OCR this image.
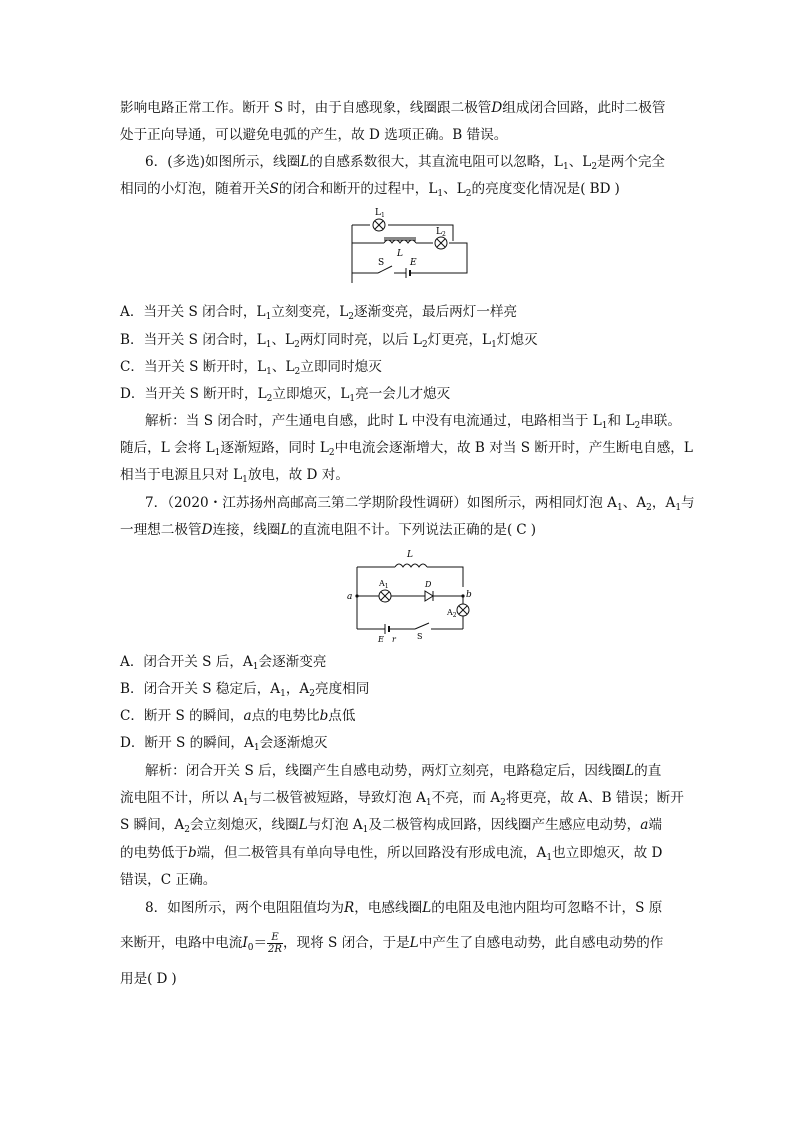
影响电路正常工作。断开 S 时，由于自感现象，线圈跟二极管D组成闭合回路，此时二极管
处于正向导通，可以避免电弧的产生，故 D 选项正确。B 错误。
6．(多选)如图所示，线圈L的自感系数很大，其直流电阻可以忽略，$L_1$、$L_2$是两个完全
相同的小灯泡，随着开关S的闭合和断开的过程中，$L_1$、$L_2$的亮度变化情况是( BD )
$L_1$
$L_2$
L
S	E
A．当开关 S 闭合时，$L_1$立刻变亮，$L_2$逐渐变亮，最后两灯一样亮
B．当开关 S 闭合时，$L_1$、$L_2$两灯同时亮，以后 $L_2$灯更亮，$L_1$灯熄灭
C．当开关 S 断开时，$L_1$、$L_2$立即同时熄灭
D．当开关 S 断开时，$L_2$立即熄灭，$L_1$亮一会儿才熄灭
解析：当 S 闭合时，产生通电自感，此时 L 中没有电流通过，电路相当于 $L_1$和 $L_2$串联。
随后，L 会将 $L_1$逐渐短路，同时 $L_2$中电流会逐渐增大，故 B 对当 S 断开时，产生断电自感，L
相当于电源且只对 $L_1$放电，故 D 对。
7．（2020・江苏扬州高邮高三第二学期阶段性调研）如图所示，两相同灯泡 $A_1$、$A_2$，$A_1$与
一理想二极管D连接，线圈L的直流电阻不计。下列说法正确的是( C )
L
$A_1$	D
a	b
$A_2$
E r	S
A．闭合开关 S 后，$A_1$会逐渐变亮
B．闭合开关 S 稳定后，$A_1$，$A_2$亮度相同
C．断开 S 的瞬间，a点的电势比b点低
D．断开 S 的瞬间，$A_1$会逐渐熄灭
解析：闭合开关 S 后，线圈产生自感电动势，两灯立刻亮，电路稳定后，因线圈L的直
流电阻不计，所以 $A_1$与二极管被短路，导致灯泡 $A_1$不亮，而 $A_2$将更亮，故 A、B 错误；断开
S 瞬间，$A_2$会立刻熄灭，线圈L与灯泡 $A_1$及二极管构成回路，因线圈产生感应电动势，a端
的电势低于b端，但二极管具有单向导电性，所以回路没有形成电流，$A_1$也立即熄灭，故 D
错误，C 正确。
8．如图所示，两个电阻阻值均为R，电感线圈L的电阻及电池内阻均可忽略不计，S 原
来断开，电路中电流$I_0= \frac{E}{2R}$ ，现将 S 闭合，于是L中产生了自感电动势，此自感电动势的作
用是( D )
